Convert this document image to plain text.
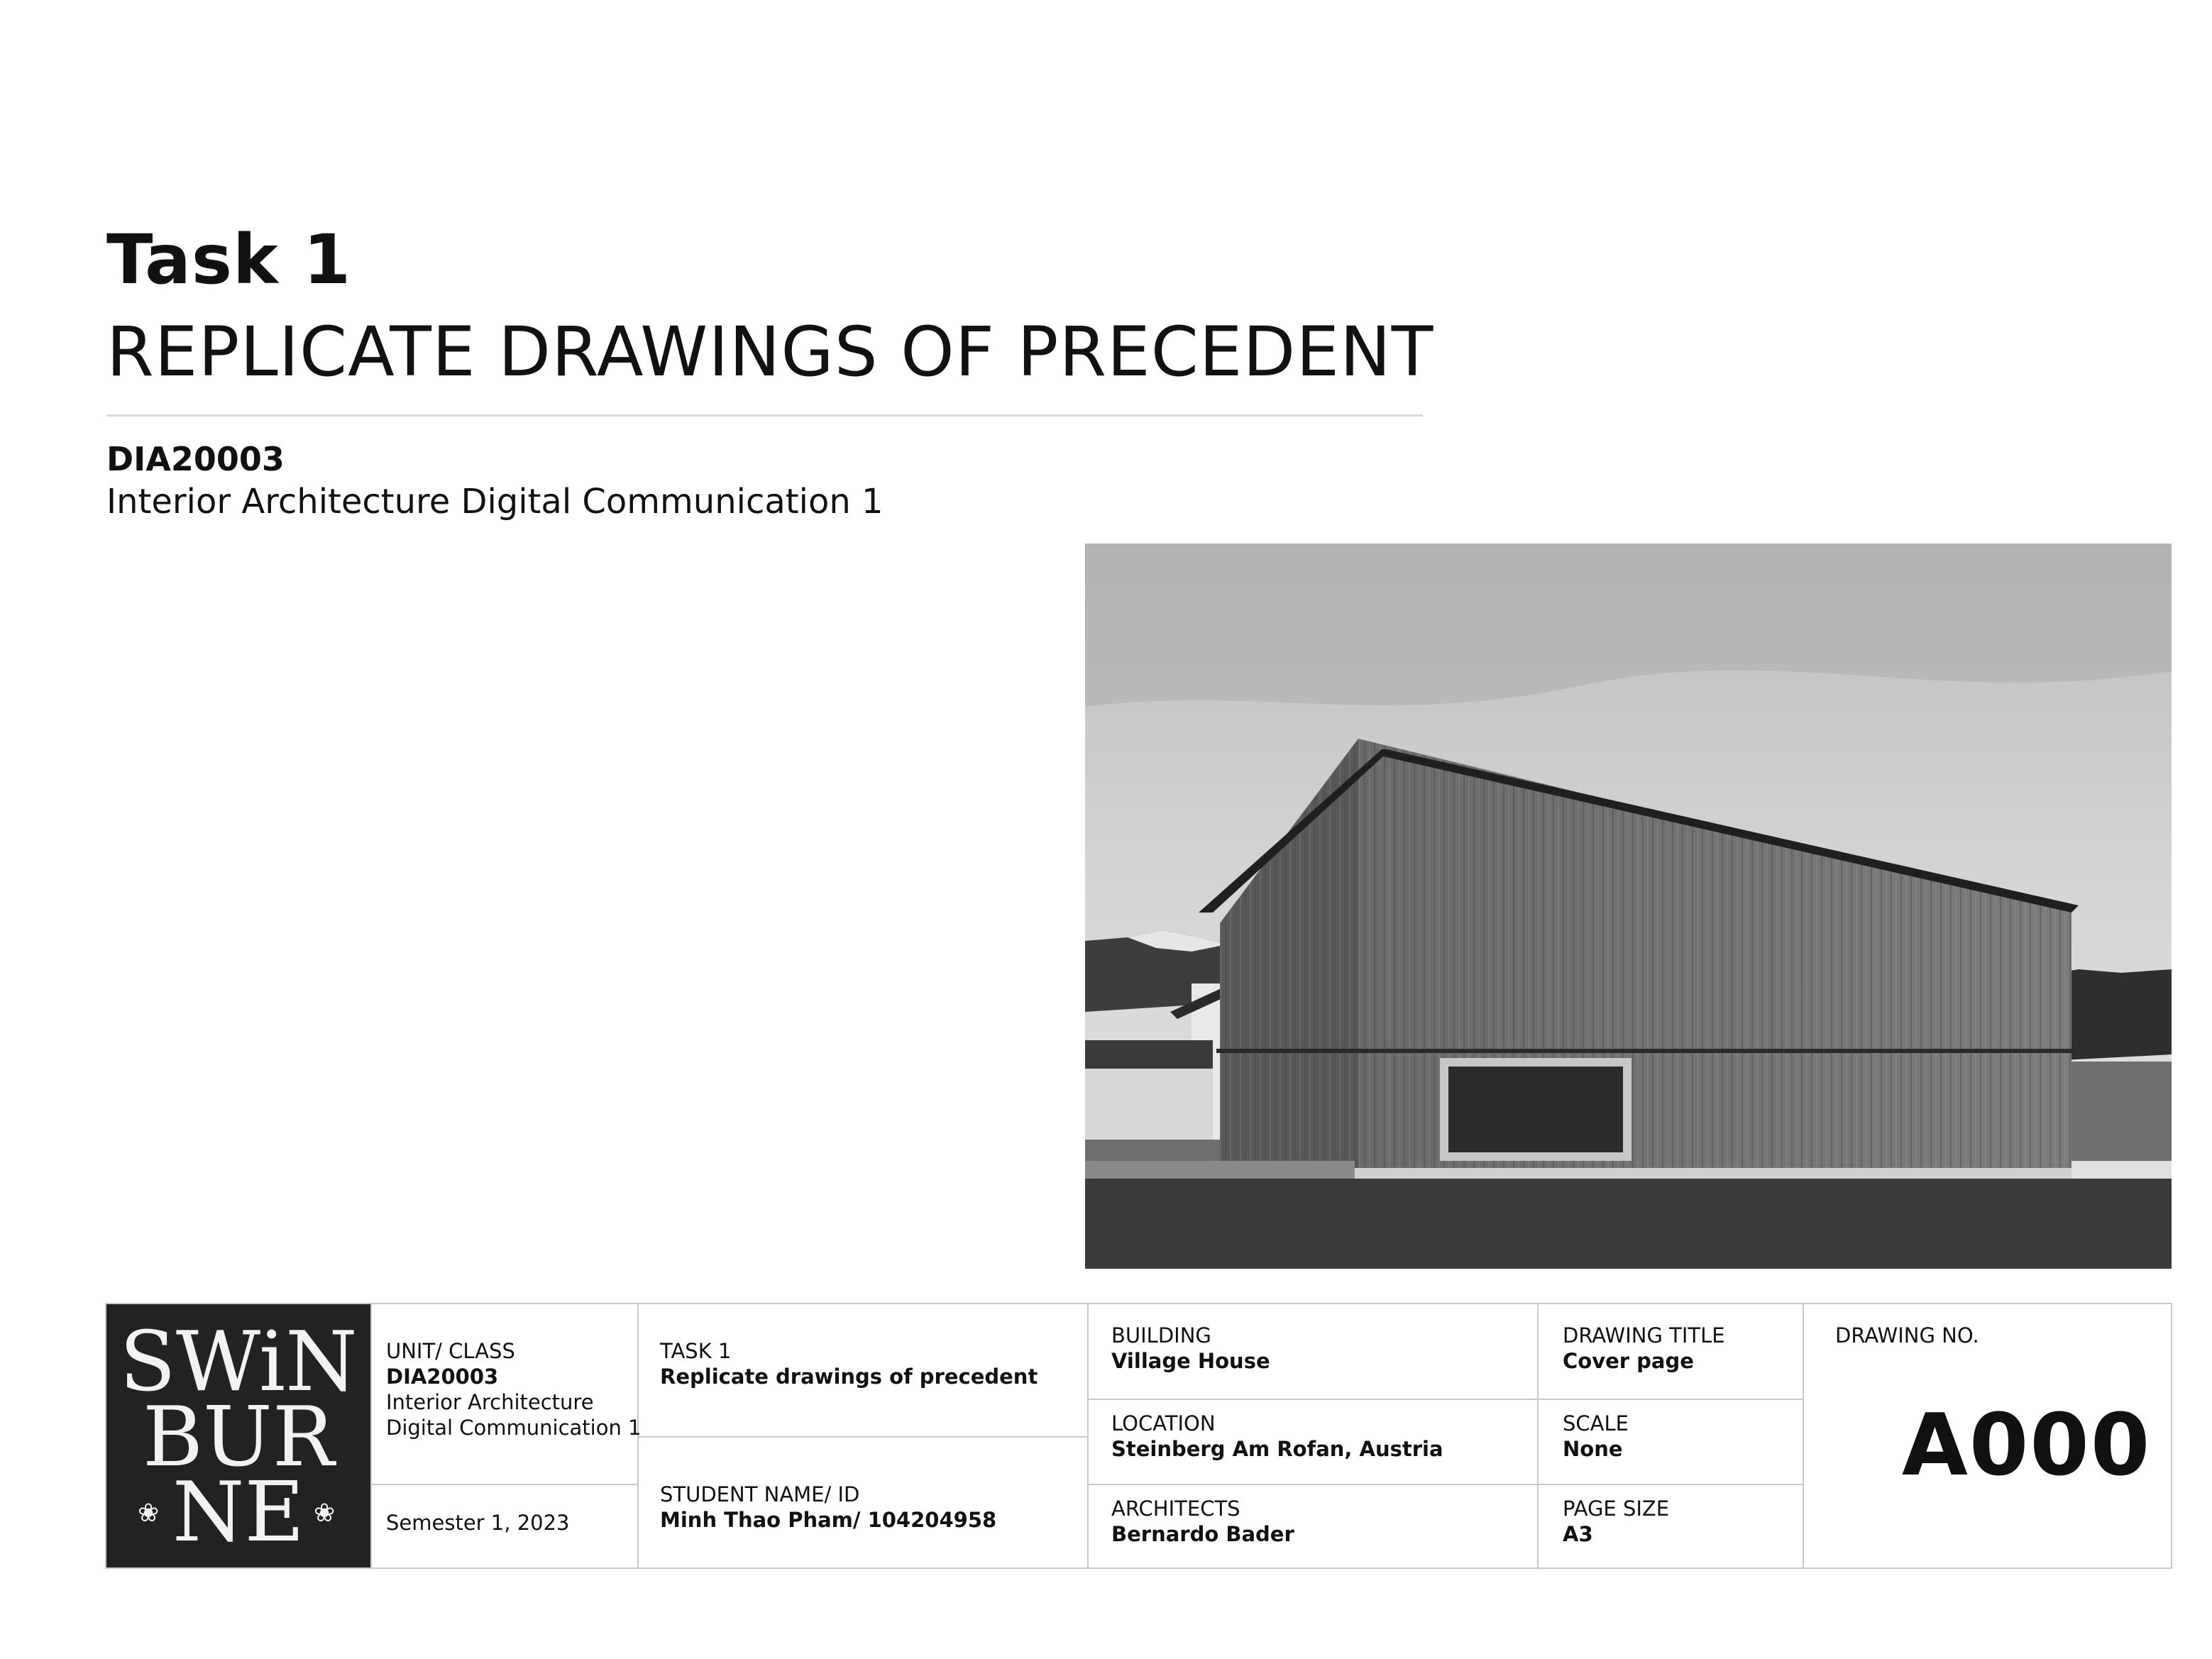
Task 1
REPLICATE DRAWINGS OF PRECEDENT
DIA20003
Interior Architecture Digital Communication 1
SWiN
BUR
NE
❀	❀
UNIT/ CLASS
DIA20003
Interior Architecture
Digital Communication 1
Semester 1, 2023
TASK 1
Replicate drawings of precedent
STUDENT NAME/ ID
Minh Thao Pham/ 104204958
BUILDING
Village House
LOCATION
Steinberg Am Rofan, Austria
ARCHITECTS
Bernardo Bader
DRAWING TITLE
Cover page
SCALE
None
PAGE SIZE
A3
DRAWING NO.
A000
